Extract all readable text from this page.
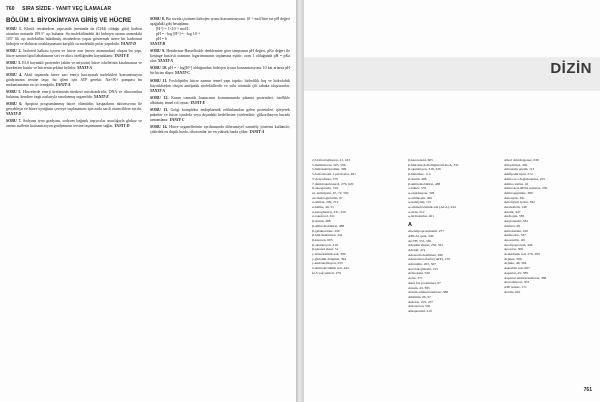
760 SIRA SİZDE - YANIT VEÇ İLAMALAR
BÖLÜM 1. BİYOKİMYAYA GİRİŞ VE HÜCRE

SORU 1. Klasik tetrahedron yapısında (metanda da (CH4) olduğu gibi) karbon atomları arasında 109.5° açı bulunur. Su molekülündeki iki hidrojen atomu arasındaki 105° lik açı molekülün bükülmüş tetrahedron yapısı göstermek üzere bir karbonun hidrojen ve elektron ortaklaşmasına karşılık su molekülü polar yapıdadır. YANIT-D

SORU 2. İzoleted halkası içeren ve hücre zarı (mezo atomundan) oluşan bu yapı, hücre zarının lipid tabakasının sıvı ve akıcı özelliğinden kaynaklanır. YANIT-E

SORU 3. ELS kaynaklı proteinler (aktin ve miyozin) hücre iskeletinin kasılmasına ve hareketine katılır ve hücrenin şeklini belirler. YANIT-A

SORU 4. Aktif taşımada hücre zarı enerji harcayarak moleküleri konsantrasyon gradyanının tersine taşır; bu işlem için ATP gerekir. Na+/K+ pompası bu mekanizmanın en iyi örneğidir. YANIT-A

SORU 5. Hücrelerde enerji üretiminin merkezi mitokondridir; DNA ve ribozomları bulunan, kendine özgü zarlarıyla sınırlanmış organeldir. YANIT-E

SORU 6. Apoptoz programlanmış hücre ölümüdür; kaspazların aktivasyonu ile gerçekleşir ve hücre içeriğinin çevreye saçılmaması için zarla sarılı cisimciklere ayrılır. YANIT-D

SORU 7. Sodyum iyon gradyanı, sodyum bağımlı taşıyıcılar aracılığıyla glukoz ve amino asitlerin konsantrasyon gradyanının tersine taşınmasını sağlar. YANIT-D

SORU 8. Bir sıvıda çözünen hidrojen iyonu konsantrasyonu 10⁻⁶ mol/litre ise pH değeri aşağıdaki gibi hesaplanır.
[H⁺] = 1×10⁻⁶ mol/L
pH = −log [H⁺] = −log 10⁻⁶
pH = 6
YANIT-B

SORU 9. Henderson-Hasselbalch denklemine göre tamponun pH değeri, pKa değeri ile konjuge baz/asit oranının logaritmasının toplamına eşittir; oran 1 olduğunda pH = pKa olur. YANIT-A

SORU 10. pH = −log[H⁺] olduğundan hidrojen iyonu konsantrasyonu 10 kat artarsa pH bir birim düşer. YANIT-C

SORU 11. Fosfolipitler hücre zarının temel yapı taşıdır; hidrofilik baş ve hidrofobik kuyruklardan oluşan amfipatik moleküllerdir ve sulu ortamda çift tabaka oluştururlar. YANIT-A

SORU 12. Kanın ozmotik basıncının korunmasında plazma proteinleri, özellikle albümin, temel rol oynar. YANIT-E

SORU 13. Golgi kompleksi endoplazmik retikulumdan gelen proteinleri işleyerek paketler ve hücre içindeki veya dışındaki hedeflerine yönlendirir; glikozilasyon burada tamamlanır. YANIT-C

SORU 14. Hücre organellerinin ayrılmasında diferansiyel santrifüj yöntemi kullanılır; çekirdek en düşük hızda, ribozomlar ise en yüksek hızda çöker. YANIT-A

DİZİN
2,3-bifosfogliserat, 41, 163
5-metilsitozin, 505, 506
5-hidroksitriptamin, 399
5-fosforibozil-1-pirofosfat, 481
5'-deiyodinaz, 579
7-dehidrokolesterol, 279, 620
8-oksoguanin, 516
α1-antitripsin, 67, 72, 582
α2-makroglobulin, 67
α-amilaz, 209, 212
α-heliks, 49, 51
α-ketoglutarat, 231, 250
α-tokoferol, 611
β-alanin, 488
β-aminoizobütirat, 488
β-galaktozidaz, 290
β-hidroksibütirat, 341
β-karoten, 605
β-oksidasyon, 318
β-pleated sheet, 51
γ-aminobütirik asit, 399
γ-glutamil döngüsü, 394
γ-karboksilasyon, 615
δ-aminolevulinik asit, 444
Ω-3 yağ asitleri, 279
β-karotenoid, 605
β-hidroksi-β-metilglutaril-KoA, 331
β-oksidasyon, 318, 326
β-laktamaz, 114
β-alanin, 488
β-aminoizobütirat, 488
σ-faktör, 535
ω-oksidasyon, 328
ω-aminoasit, 402
ω-kalsiyum, 115
ω-aminolevulinik asit (ALA), 444
ω-lisin, 212
ω-hidroksilaz, 401
A
Abetalipoproteinemi, 277
ABCA1 geni, 349
ACTH, 551, 581
Adenilat siklaz, 256, 561
Adenin, 474
Adenozin deaminaz, 490
Adenozin trifosfat (ATP), 150
Adrenalin, 263, 567
Aerobik glikoliz, 215
Aflatoksin, 520
Açlık, 371
Akut faz proteinleri, 67
Alanin, 43, 385
Alanin aminotransferaz, 388
Albümin, 66, 67
Aldolaz, 219, 237
Aldosteron, 581
Alkaptonüri, 410
Alkol dehidrogenaz, 630
Allopürinol, 492
Allosterik enzim, 113
Amfipatik lipid, 272
Amilo-α-1,6-glukozidaz, 255
Amino asitler, 42
Aminoaçil-tRNA sentetaz, 550
Aminopeptidaz, 380
Amonyak, 391
Amonyum iyonu, 392
Anabolizm, 148
Anemi, 447
Androjen, 585
Angiotensin, 581
Antikor, 69
Antioksidan, 610
Antikodon, 547
Apoenzim, 101
Apolipoprotein, 346
Apoptoz, 509
Arakidonik asit, 279, 283
Arjinaz, 396
Arjinin, 46, 394
Askorbik asit, 607
Aspartat, 45, 385
Aspartat aminotransferaz, 388
Ateroskleroz, 353
ATP sentaz, 171
Avidin, 601
761
